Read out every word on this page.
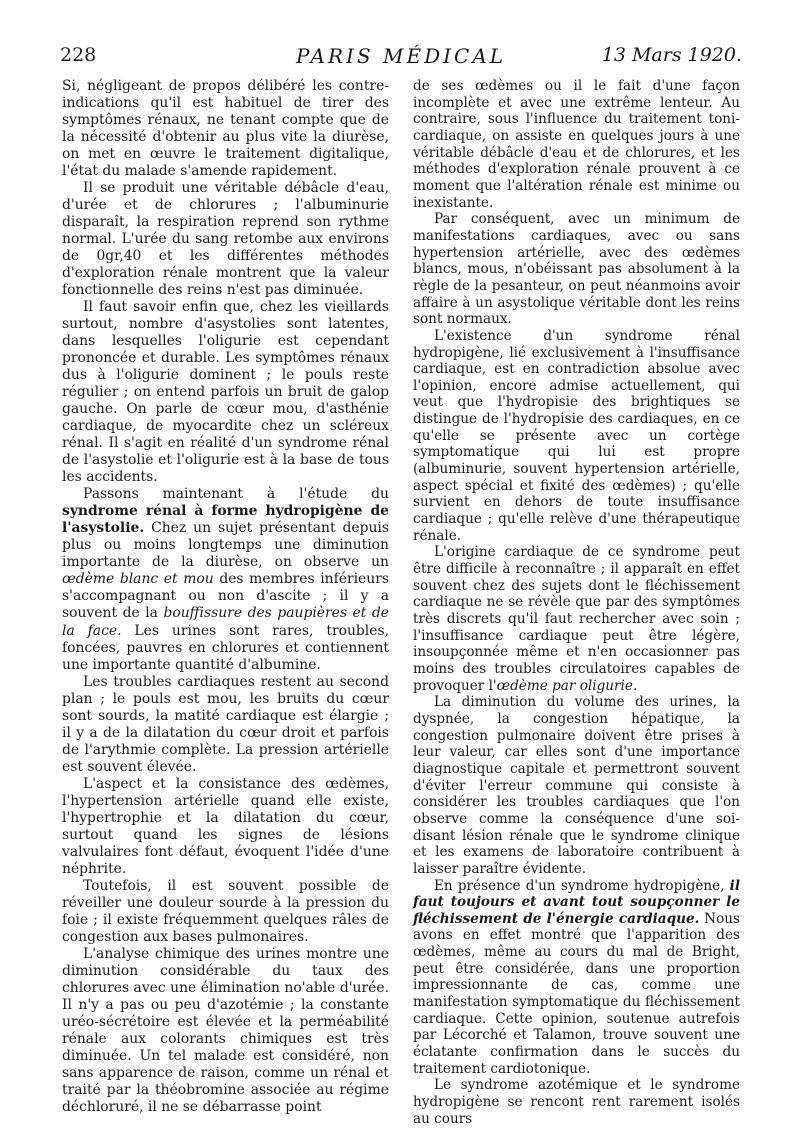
228	PARIS MÉDICAL	13 Mars 1920.

Si, négligeant de propos délibéré les contre-indications qu'il est habituel de tirer des symptômes rénaux, ne tenant compte que de la nécessité d'obtenir au plus vite la diurèse, on met en œuvre le traitement digitalique, l'état du malade s'amende rapidement.

Il se produit une véritable débâcle d'eau, d'urée et de chlorures ; l'albuminurie disparaît, la respiration reprend son rythme normal. L'urée du sang retombe aux environs de 0gr,40 et les différentes méthodes d'exploration rénale montrent que la valeur fonctionnelle des reins n'est pas diminuée.

Il faut savoir enfin que, chez les vieillards surtout, nombre d'asystolies sont latentes, dans lesquelles l'oligurie est cependant prononcée et durable. Les symptômes rénaux dus à l'oligurie dominent ; le pouls reste régulier ; on entend parfois un bruit de galop gauche. On parle de cœur mou, d'asthénie cardiaque, de myocardite chez un scléreux rénal. Il s'agit en réalité d'un syndrome rénal de l'asystolie et l'oligurie est à la base de tous les accidents.

Passons maintenant à l'étude du syndrome rénal à forme hydropigène de l'asystolie. Chez un sujet présentant depuis plus ou moins longtemps une diminution importante de la diurèse, on observe un œdème blanc et mou des membres inférieurs s'accompagnant ou non d'ascite ; il y a souvent de la bouffissure des paupières et de la face. Les urines sont rares, troubles, foncées, pauvres en chlorures et contiennent une importante quantité d'albumine.

Les troubles cardiaques restent au second plan ; le pouls est mou, les bruits du cœur sont sourds, la matité cardiaque est élargie ; il y a de la dilatation du cœur droit et parfois de l'arythmie complète. La pression artérielle est souvent élevée.

L'aspect et la consistance des œdèmes, l'hypertension artérielle quand elle existe, l'hypertrophie et la dilatation du cœur, surtout quand les signes de lésions valvulaires font défaut, évoquent l'idée d'une néphrite.

Toutefois, il est souvent possible de réveiller une douleur sourde à la pression du foie ; il existe fréquemment quelques râles de congestion aux bases pulmonaires.

L'analyse chimique des urines montre une diminution considérable du taux des chlorures avec une élimination no'able d'urée. Il n'y a pas ou peu d'azotémie ; la constante uréo-sécrétoire est élevée et la perméabilité rénale aux colorants chimiques est très diminuée. Un tel malade est considéré, non sans apparence de raison, comme un rénal et traité par la théobromine associée au régime déchloruré, il ne se débarrasse point

de ses œdèmes ou il le fait d'une façon incomplète et avec une extrême lenteur. Au contraire, sous l'influence du traitement toni-cardiaque, on assiste en quelques jours à une véritable débâcle d'eau et de chlorures, et les méthodes d'exploration rénale prouvent à ce moment que l'altération rénale est minime ou inexistante.

Par conséquent, avec un minimum de manifestations cardiaques, avec ou sans hypertension artérielle, avec des œdèmes blancs, mous, n'obéissant pas absolument à la règle de la pesanteur, on peut néanmoins avoir affaire à un asystolique véritable dont les reins sont normaux.

L'existence d'un syndrome rénal hydropigène, lié exclusivement à l'insuffisance cardiaque, est en contradiction absolue avec l'opinion, encore admise actuellement, qui veut que l'hydropisie des brightiques se distingue de l'hydropisie des cardiaques, en ce qu'elle se présente avec un cortège symptomatique qui lui est propre (albuminurie, souvent hypertension artérielle, aspect spécial et fixité des œdèmes) ; qu'elle survient en dehors de toute insuffisance cardiaque ; qu'elle relève d'une thérapeutique rénale.

L'origine cardiaque de ce syndrome peut être difficile à reconnaître ; il apparaît en effet souvent chez des sujets dont le fléchissement cardiaque ne se révèle que par des symptômes très discrets qu'il faut rechercher avec soin ; l'insuffisance cardiaque peut être légère, insoupçonnée même et n'en occasionner pas moins des troubles circulatoires capables de provoquer l'œdème par oligurie.

La diminution du volume des urines, la dyspnée, la congestion hépatique, la congestion pulmonaire doivent être prises à leur valeur, car elles sont d'une importance diagnostique capitale et permettront souvent d'éviter l'erreur commune qui consiste à considérer les troubles cardiaques que l'on observe comme la conséquence d'une soi-disant lésion rénale que le syndrome clinique et les examens de laboratoire contribuent à laisser paraître évidente.

En présence d'un syndrome hydropigène, il faut toujours et avant tout soupçonner le fléchissement de l'énergie cardiaque. Nous avons en effet montré que l'apparition des œdèmes, même au cours du mal de Bright, peut être considérée, dans une proportion impressionnante de cas, comme une manifestation symptomatique du fléchissement cardiaque. Cette opinion, soutenue autrefois par Lécorché et Talamon, trouve souvent une éclatante confirmation dans le succès du traitement cardiotonique.

Le syndrome azotémique et le syndrome hydropigène se rencont rent rarement isolés au cours
